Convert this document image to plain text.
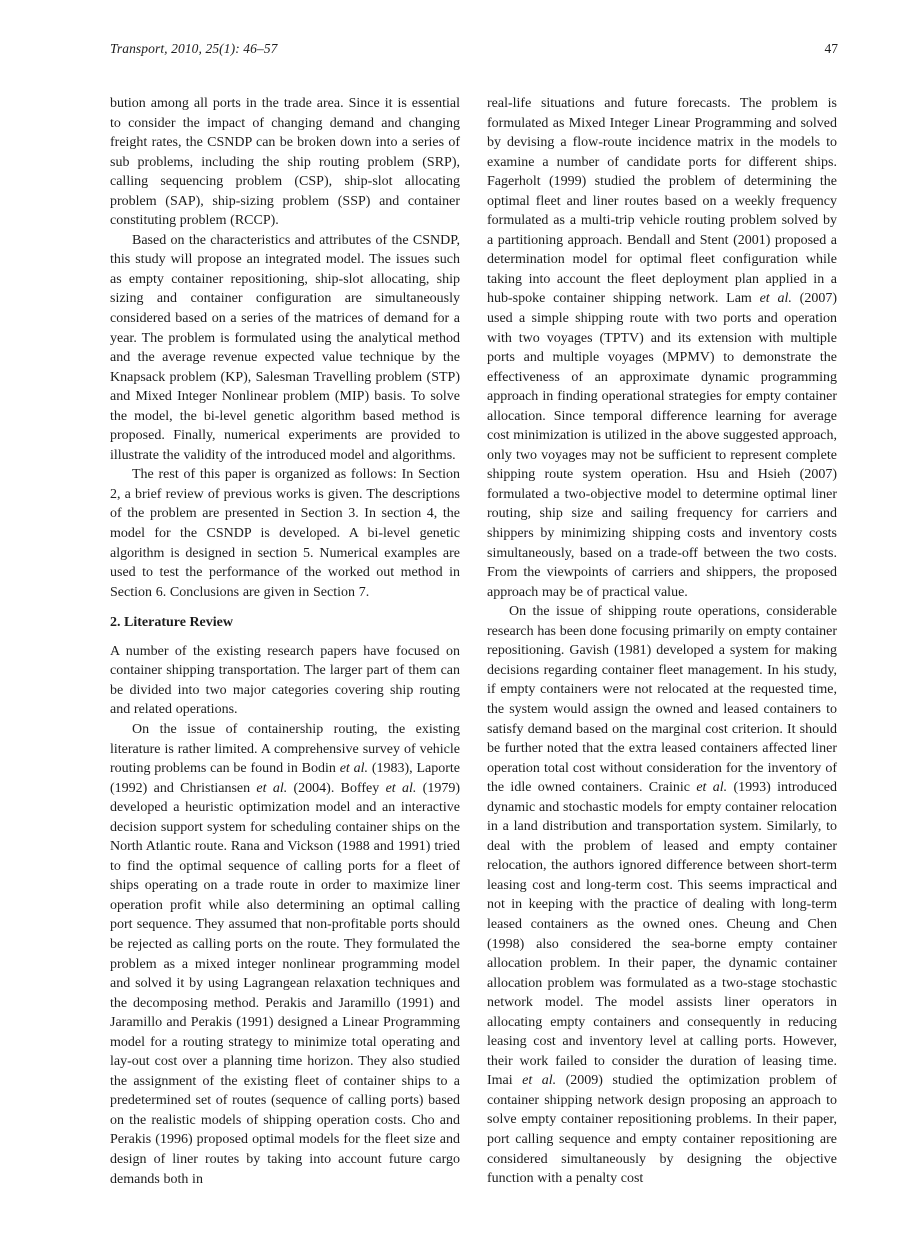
Transport, 2010, 25(1): 46–57	47

bution among all ports in the trade area. Since it is essential to consider the impact of changing demand and changing freight rates, the CSNDP can be broken down into a series of sub problems, including the ship routing problem (SRP), calling sequencing problem (CSP), ship-slot allocating problem (SAP), ship-sizing problem (SSP) and container constituting problem (RCCP).

Based on the characteristics and attributes of the CSNDP, this study will propose an integrated model. The issues such as empty container repositioning, ship-slot allocating, ship sizing and container configuration are simultaneously considered based on a series of the matrices of demand for a year. The problem is formulated using the analytical method and the average revenue expected value technique by the Knapsack problem (KP), Salesman Travelling problem (STP) and Mixed Integer Nonlinear problem (MIP) basis. To solve the model, the bi-level genetic algorithm based method is proposed. Finally, numerical experiments are provided to illustrate the validity of the introduced model and algorithms.

The rest of this paper is organized as follows: In Section 2, a brief review of previous works is given. The descriptions of the problem are presented in Section 3. In section 4, the model for the CSNDP is developed. A bi-level genetic algorithm is designed in section 5. Numerical examples are used to test the performance of the worked out method in Section 6. Conclusions are given in Section 7.

2. Literature Review

A number of the existing research papers have focused on container shipping transportation. The larger part of them can be divided into two major categories covering ship routing and related operations.

On the issue of containership routing, the existing literature is rather limited. A comprehensive survey of vehicle routing problems can be found in Bodin et al. (1983), Laporte (1992) and Christiansen et al. (2004). Boffey et al. (1979) developed a heuristic optimization model and an interactive decision support system for scheduling container ships on the North Atlantic route. Rana and Vickson (1988 and 1991) tried to find the optimal sequence of calling ports for a fleet of ships operating on a trade route in order to maximize liner operation profit while also determining an optimal calling port sequence. They assumed that non-profitable ports should be rejected as calling ports on the route. They formulated the problem as a mixed integer nonlinear programming model and solved it by using Lagrangean relaxation techniques and the decomposing method. Perakis and Jaramillo (1991) and Jaramillo and Perakis (1991) designed a Linear Programming model for a routing strategy to minimize total operating and lay-out cost over a planning time horizon. They also studied the assignment of the existing fleet of container ships to a predetermined set of routes (sequence of calling ports) based on the realistic models of shipping operation costs. Cho and Perakis (1996) proposed optimal models for the fleet size and design of liner routes by taking into account future cargo demands both in

real-life situations and future forecasts. The problem is formulated as Mixed Integer Linear Programming and solved by devising a flow-route incidence matrix in the models to examine a number of candidate ports for different ships. Fagerholt (1999) studied the problem of determining the optimal fleet and liner routes based on a weekly frequency formulated as a multi-trip vehicle routing problem solved by a partitioning approach. Bendall and Stent (2001) proposed a determination model for optimal fleet configuration while taking into account the fleet deployment plan applied in a hub-spoke container shipping network. Lam et al. (2007) used a simple shipping route with two ports and operation with two voyages (TPTV) and its extension with multiple ports and multiple voyages (MPMV) to demonstrate the effectiveness of an approximate dynamic programming approach in finding operational strategies for empty container allocation. Since temporal difference learning for average cost minimization is utilized in the above suggested approach, only two voyages may not be sufficient to represent complete shipping route system operation. Hsu and Hsieh (2007) formulated a two-objective model to determine optimal liner routing, ship size and sailing frequency for carriers and shippers by minimizing shipping costs and inventory costs simultaneously, based on a trade-off between the two costs. From the viewpoints of carriers and shippers, the proposed approach may be of practical value.

On the issue of shipping route operations, considerable research has been done focusing primarily on empty container repositioning. Gavish (1981) developed a system for making decisions regarding container fleet management. In his study, if empty containers were not relocated at the requested time, the system would assign the owned and leased containers to satisfy demand based on the marginal cost criterion. It should be further noted that the extra leased containers affected liner operation total cost without consideration for the inventory of the idle owned containers. Crainic et al. (1993) introduced dynamic and stochastic models for empty container relocation in a land distribution and transportation system. Similarly, to deal with the problem of leased and empty container relocation, the authors ignored difference between short-term leasing cost and long-term cost. This seems impractical and not in keeping with the practice of dealing with long-term leased containers as the owned ones. Cheung and Chen (1998) also considered the sea-borne empty container allocation problem. In their paper, the dynamic container allocation problem was formulated as a two-stage stochastic network model. The model assists liner operators in allocating empty containers and consequently in reducing leasing cost and inventory level at calling ports. However, their work failed to consider the duration of leasing time. Imai et al. (2009) studied the optimization problem of container shipping network design proposing an approach to solve empty container repositioning problems. In their paper, port calling sequence and empty container repositioning are considered simultaneously by designing the objective function with a penalty cost
